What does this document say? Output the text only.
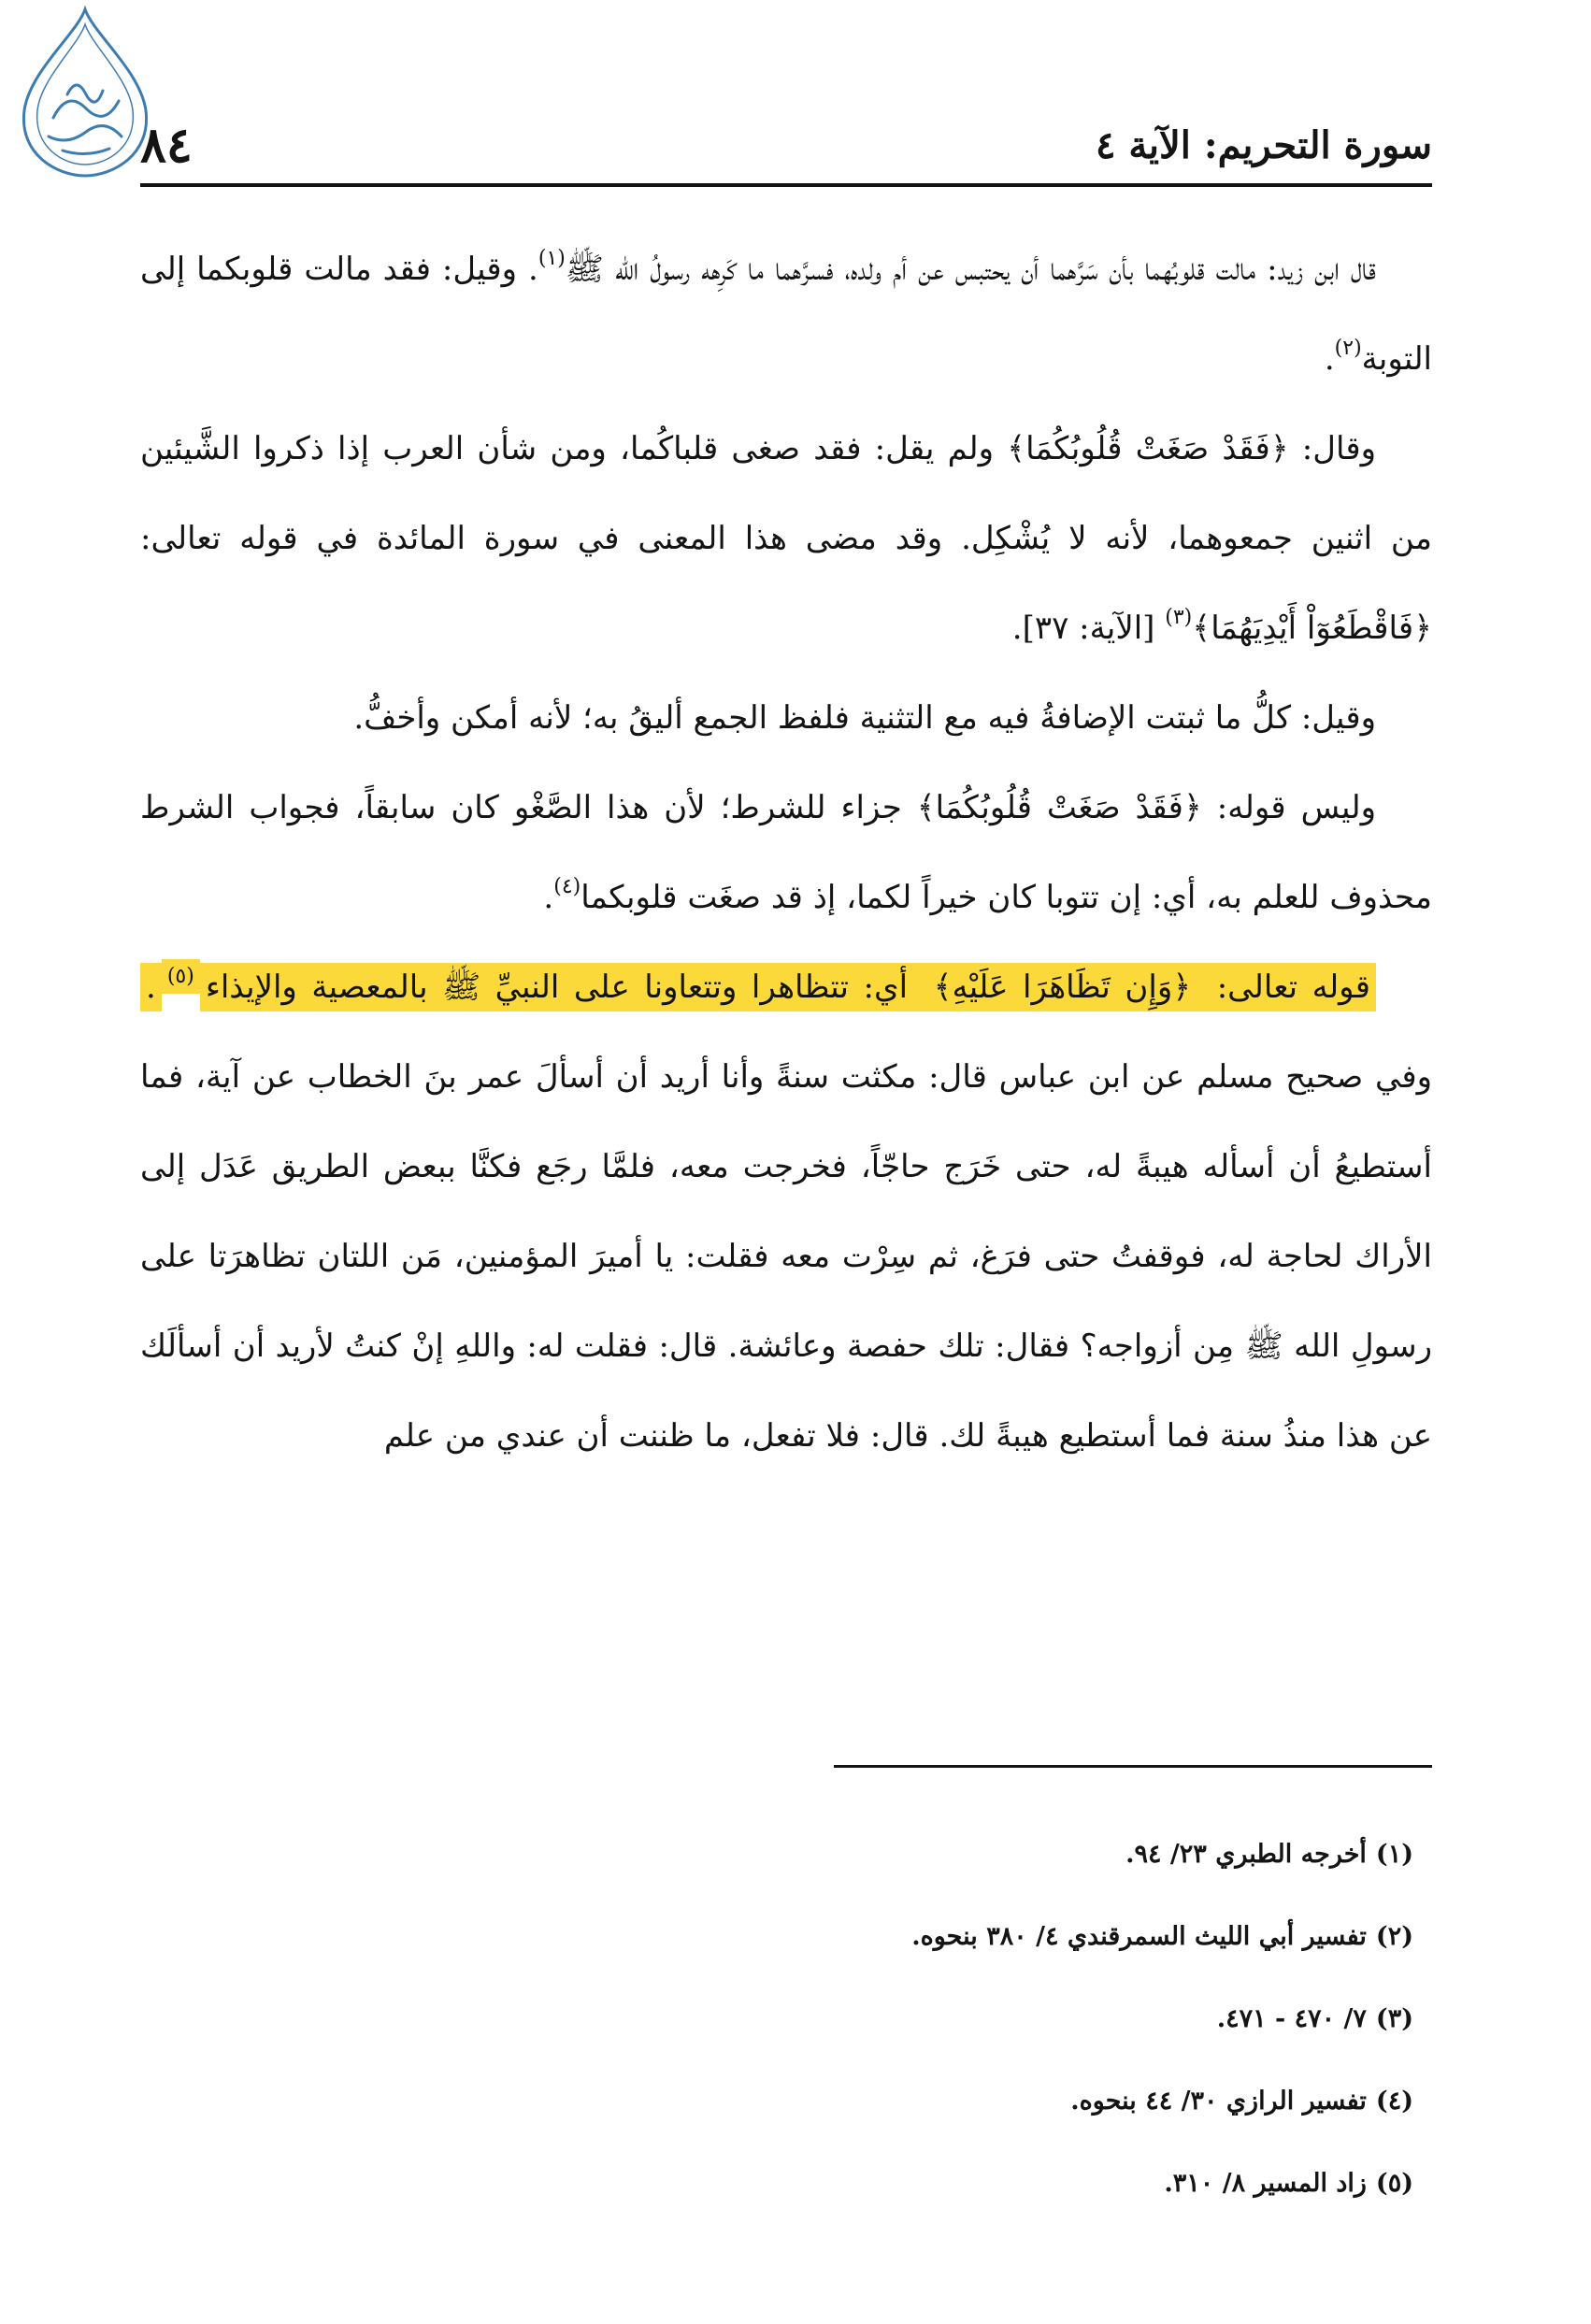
٨٤	سورة التحريم: الآية ٤

قال ابن زيد: مالت قلوبُهما بأن سَرَّهما أن يحتبس عن أم ولده، فسرَّهما ما كَرِهه رسولُ الله ﷺ$^{(١)}$. وقيل: فقد مالت قلوبكما إلى التوبة$^{(٢)}$.

وقال: ﴿فَقَدْ صَغَتْ قُلُوبُكُمَا﴾ ولم يقل: فقد صغى قلباكُما، ومن شأن العرب إذا ذكروا الشَّيئين من اثنين جمعوهما، لأنه لا يُشْكِل. وقد مضى هذا المعنى في سورة المائدة في قوله تعالى: ﴿فَاقْطَعُوٓاْ أَيْدِيَهُمَا﴾$^{(٣)}$ [الآية: ٣٧].

وقيل: كلُّ ما ثبتت الإضافةُ فيه مع التثنية فلفظ الجمع أليقُ به؛ لأنه أمكن وأخفُّ.

وليس قوله: ﴿فَقَدْ صَغَتْ قُلُوبُكُمَا﴾ جزاء للشرط؛ لأن هذا الصَّغْو كان سابقاً، فجواب الشرط محذوف للعلم به، أي: إن تتوبا كان خيراً لكما، إذ قد صغَت قلوبكما$^{(٤)}$.

قوله تعالى: ﴿وَإِن تَظَاهَرَا عَلَيْهِ﴾ أي: تتظاهرا وتتعاونا على النبيِّ ﷺ بالمعصية والإيذاء$^{(٥)}$. وفي صحيح مسلم عن ابن عباس قال: مكثت سنةً وأنا أريد أن أسألَ عمر بنَ الخطاب عن آية، فما أستطيعُ أن أسأله هيبةً له، حتى خَرَج حاجّاً، فخرجت معه، فلمَّا رجَع فكنَّا ببعض الطريق عَدَل إلى الأراك لحاجة له، فوقفتُ حتى فرَغ، ثم سِرْت معه فقلت: يا أميرَ المؤمنين، مَن اللتان تظاهرَتا على رسولِ الله ﷺ مِن أزواجه؟ فقال: تلك حفصة وعائشة. قال: فقلت له: واللهِ إنْ كنتُ لأريد أن أسألَك عن هذا منذُ سنة فما أستطيع هيبةً لك. قال: فلا تفعل، ما ظننت أن عندي من علم

(١)
أخرجه الطبري ٢٣/ ٩٤.

(٢)
تفسير أبي الليث السمرقندي ٤/ ٣٨٠ بنحوه.

(٣)
٧/ ٤٧٠ - ٤٧١.

(٤)
تفسير الرازي ٣٠/ ٤٤ بنحوه.

(٥)
زاد المسير ٨/ ٣١٠.
